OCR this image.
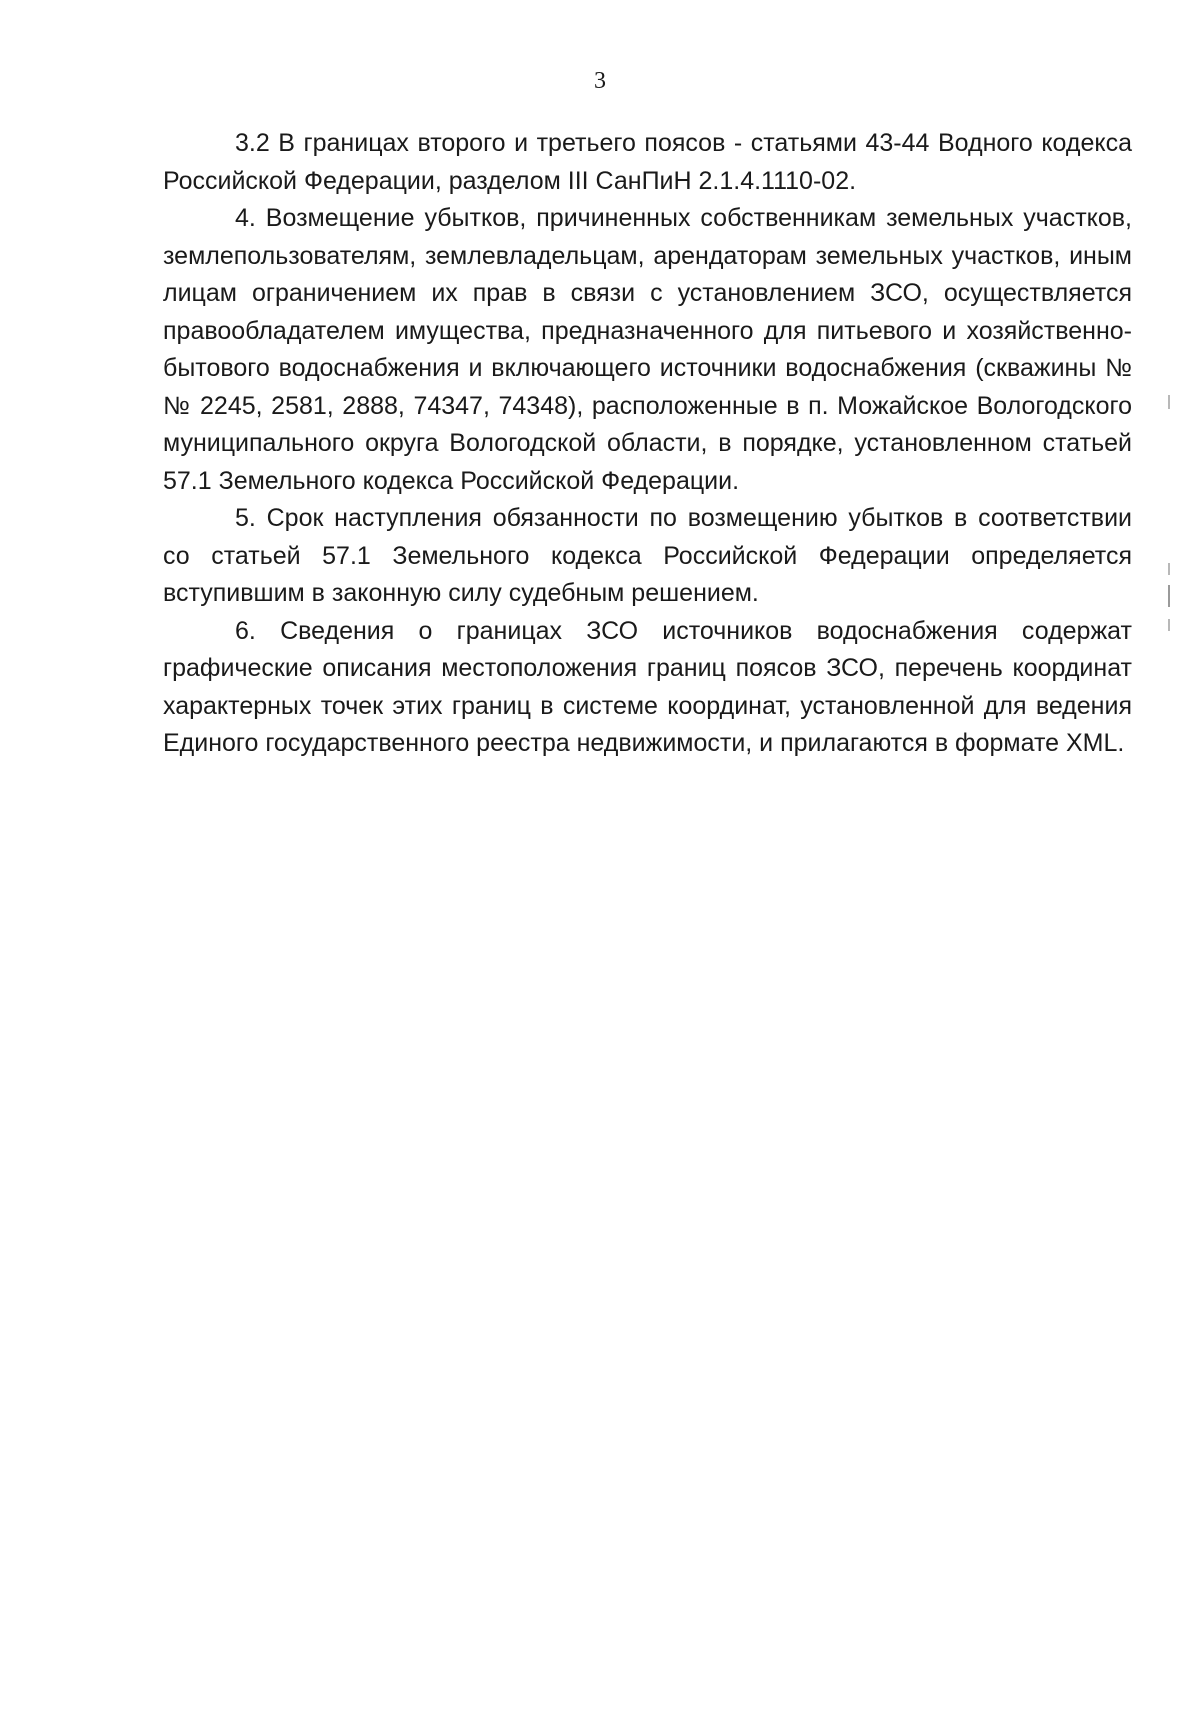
3

3.2 В границах второго и третьего поясов - статьями 43-44 Водного кодекса Российской Федерации, разделом III СанПиН 2.1.4.1110-02.

4. Возмещение убытков, причиненных собственникам земельных участков, землепользователям, землевладельцам, арендаторам земельных участков, иным лицам ограничением их прав в связи с установлением ЗСО, осуществляется правообладателем имущества, предназначенного для питьевого и хозяйственно-бытового водоснабжения и включающего источники водоснабжения (скважины №№ 2245, 2581, 2888, 74347, 74348), расположенные в п. Можайское Вологодского муниципального округа Вологодской области, в порядке, установленном статьей 57.1 Земельного кодекса Российской Федерации.

5. Срок наступления обязанности по возмещению убытков в соответствии со статьей 57.1 Земельного кодекса Российской Федерации определяется вступившим в законную силу судебным решением.

6. Сведения о границах ЗСО источников водоснабжения содержат графические описания местоположения границ поясов ЗСО, перечень координат характерных точек этих границ в системе координат, установленной для ведения Единого государственного реестра недвижимости, и прилагаются в формате XML.
